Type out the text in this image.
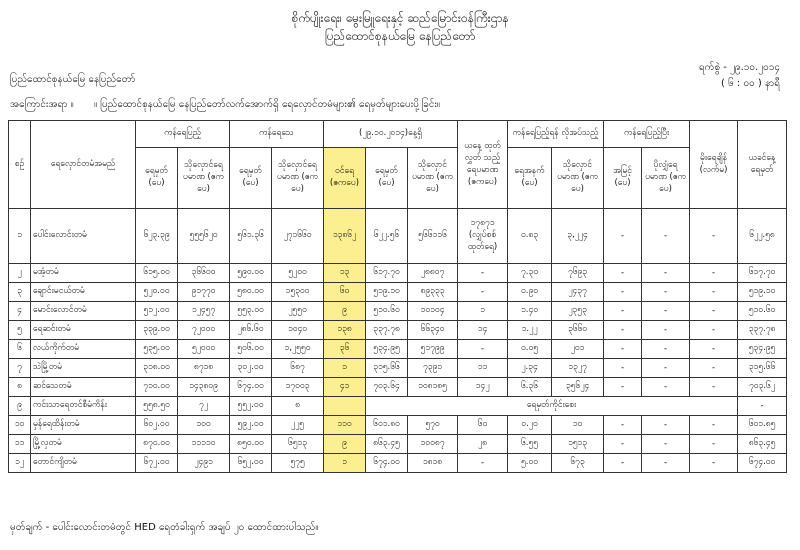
စိုက်ပျိုးရေး၊ မွေးမြူရေးနှင့် ဆည်မြောင်းဝန်ကြီးဌာန
ပြည်ထောင်စုနယ်မြေ နေပြည်တော်
ရက်စွဲ - ၂၉.၁၀.၂၀၁၄
( ၆ : ၀၀ ) နာရီ
ပြည်ထောင်စုနယ်မြေ နေပြည်တော်
အကြောင်းအရာ ။ ။ ပြည်ထောင်စုနယ်မြေ နေပြည်တော်လက်အောက်ရှိ ရေလှောင်တမံများ၏ ရေမှတ်များပေးပို့ခြင်း။
စဉ်	ရေလှောင်တမံအမည်	ကန်ရေပြည့်		ကန်ရေသေ		(၂၉.၁၀.၂၀၁၄)နေ့ရှိ			ယနေ့ ထုတ်လွှတ် သည့် ရေပမာဏ (ဧကပေ)	ကန်ရေပြည့်ရန် လိုအပ်သည့်		ကန်ရေပြည့်ပြီး		မိုးရေချိန် (လက်မ)	ယခင်နေ့ ရေမှတ်
		ရေမှတ် (ပေ)	သိုလှောင်ရေ ပမာဏ (ဧကပေ)	ရေမှတ် (ပေ)	သိုလှောင်ရေ ပမာဏ (ဧကပေ)	ဝင်ရေ (ဧကပေ)	ရေမှတ် (ပေ)	သိုလှောင် ပမာဏ (ဧကပေ)		ရေအနက် (ပေ)	သိုလှောင် ပမာဏ (ဧကပေ)	အမြင့် (ပေ)	ပိုလျှံရေ ပမာဏ (ဧကပေ)		
၁	ပေါင်းလောင်းတမံ	၆၂၃.၃၉	၅၅၅၆၂၀	၅၆၁.၃၆	၂၇၁၆၆၀	၁၃၈၆၂	၆၂၂.၅၆	၅၆၆၁၁၆	၁၇၈၇၁ (လျှပ်စစ် ထုတ်ရေ)	၀.၈၃	၃,၂၂၄	-	-	-	၆၂၂.၅၈
၂	မအံ့တမံ	၆၁၅.၀၀	၃၆၆၀၀	၅၉၀.၀၀	၅၂၀၀	၁၃	၆၁၇.၇၀	၂၈၈၀၇	-	၇.၃၀	၇၆၉၃	-	-	-	၆၁၇.၇၀
၃	ချောင်းမငယ်တမံ	၅၂၀.၀၀	၉၁၇၇၀	၅၈၀.၀၀	၁၅၃၀၀	၆၀	၅၁၉.၁၀	၈၉၃၃၃	-	၀.၉၀	၂၄၃၇	-	-	-	၅၁၉.၁၀
၄	မောင်းလောင်တမံ	၅၁၂.၀၀	၁၂၄၅၇	၅၅၃.၀၀	၂၅၅၀	၉	၅၁၀.၆၀	၁၀၁၀၄	၁	၁.၄၀	၂၃၅၃	-	-	-	၅၁၀.၆၀
၅	ရေဆင်းတမံ	၃၃၉.၀၀	၇၂၀၀၀	၂၈၆.၆၀	၁၀၄၀	၁၃၈	၃၃၇.၇၈	၆၆၃၄၀	၁၄	၁.၂၂	၃၆၆၀	-	-	-	၃၃၇.၇၈
၆	လယ်ကိုက်တမံ	၅၃၅.၀၀	၅၂၀၀၀	၅၀၆.၀၀	၁,၂၅၅၀	၃၆	၅၃၄.၉၅	၅၁၇၉၉	-	၀.၀၅	၂၀၁	-	-	-	၅၃၄.၉၅
၇	သဲမြို့တမံ	၃၁၈.၀၀	၈၇၁၈	၃၀၂.၀၀	၆၈၇	၁	၃၁၅.၆၆	၇၃၉၁	၁၁	၂.၃၄	၁၃၂၇	-	-	-	၃၁၅.၆၆
၈	ဆင်သေတမံ	၇၁၀.၀၀	၁၄၃၈၀၉	၆၇၄.၀၀	၁၇၀၀၃	၄၁	၇၀၃.၆၄	၁၀၈၁၈၅	၁၄၂	၆.၃၆	၃၅၆၂၄	-	-	-	၇၀၃.၆၂
၉	ကင်းသာရေတင်စီမံကိန်း	၅၅၈.၅၀	၇၂	၅၅၂.၀၀	၈		ရေမှတ်ကိုင်းစေး								-
၁၀	မှန်ရေထိန်းတမံ	၆၀၂.၀၀	၁၀၀	၅၉၂.၀၀	၂၂၅	၁၁၀	၆၀၁.၈၀	၅၇၀	၆၀	၀.၂၀	၁၀	-	-	-	၆၀၁.၈၅
၁၁	မြို့လှတမံ	၈၇၀.၀၀	၁၁၁၁၀	၈၅၀.၀၀	၆၅၁၃	၉	၈၆၃.၄၅	၁၀၀၈၇	၂၈	၆.၅၅	၁၅၁၃	-	-	-	၈၆၃.၄၅
၁၂	တောင်ကျိတမံ	၆၇၂.၀၀	၂၄၉၁	၆၅၂.၀၀	၅၇၅	၁	၆၇၄.၀၀	၁၈၁၈	-	၅.၀၀	၆၇၃	-	-	-	၆၇၄.၀၀
မှတ်ချက် - ပေါင်းလောင်းတမံတွင် HED ရေတံခါးရှက် အချပ် ၂၀ ထောင်ထားပါသည်။
